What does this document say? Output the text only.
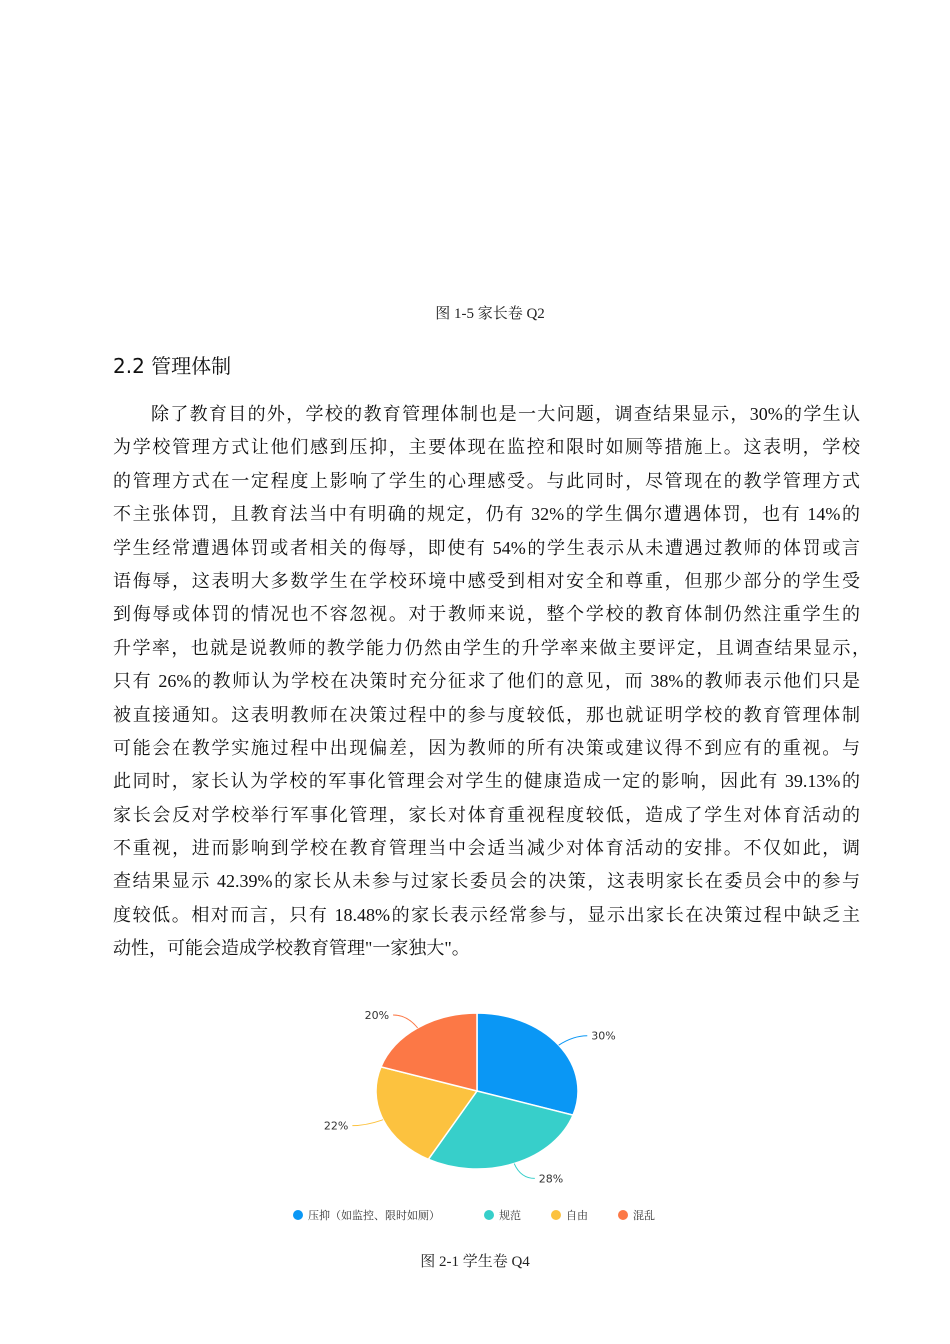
图 1-5 家长卷 Q2
2.2 管理体制
除了教育目的外，学校的教育管理体制也是一大问题，调查结果显示，30%的学生认
为学校管理方式让他们感到压抑，主要体现在监控和限时如厕等措施上。这表明，学校
的管理方式在一定程度上影响了学生的心理感受。与此同时，尽管现在的教学管理方式
不主张体罚，且教育法当中有明确的规定，仍有 32%的学生偶尔遭遇体罚，也有 14%的
学生经常遭遇体罚或者相关的侮辱，即使有 54%的学生表示从未遭遇过教师的体罚或言
语侮辱，这表明大多数学生在学校环境中感受到相对安全和尊重，但那少部分的学生受
到侮辱或体罚的情况也不容忽视。对于教师来说，整个学校的教育体制仍然注重学生的
升学率，也就是说教师的教学能力仍然由学生的升学率来做主要评定，且调查结果显示，
只有 26%的教师认为学校在决策时充分征求了他们的意见，而 38%的教师表示他们只是
被直接通知。这表明教师在决策过程中的参与度较低，那也就证明学校的教育管理体制
可能会在教学实施过程中出现偏差，因为教师的所有决策或建议得不到应有的重视。与
此同时，家长认为学校的军事化管理会对学生的健康造成一定的影响，因此有 39.13%的
家长会反对学校举行军事化管理，家长对体育重视程度较低，造成了学生对体育活动的
不重视，进而影响到学校在教育管理当中会适当减少对体育活动的安排。不仅如此，调
查结果显示 42.39%的家长从未参与过家长委员会的决策，这表明家长在委员会中的参与
度较低。相对而言，只有 18.48%的家长表示经常参与，显示出家长在决策过程中缺乏主
动性，可能会造成学校教育管理"一家独大"。
30%
28%
22%
20%
压抑（如监控、限时如厕）	规范	自由	混乱
图 2-1 学生卷 Q4
